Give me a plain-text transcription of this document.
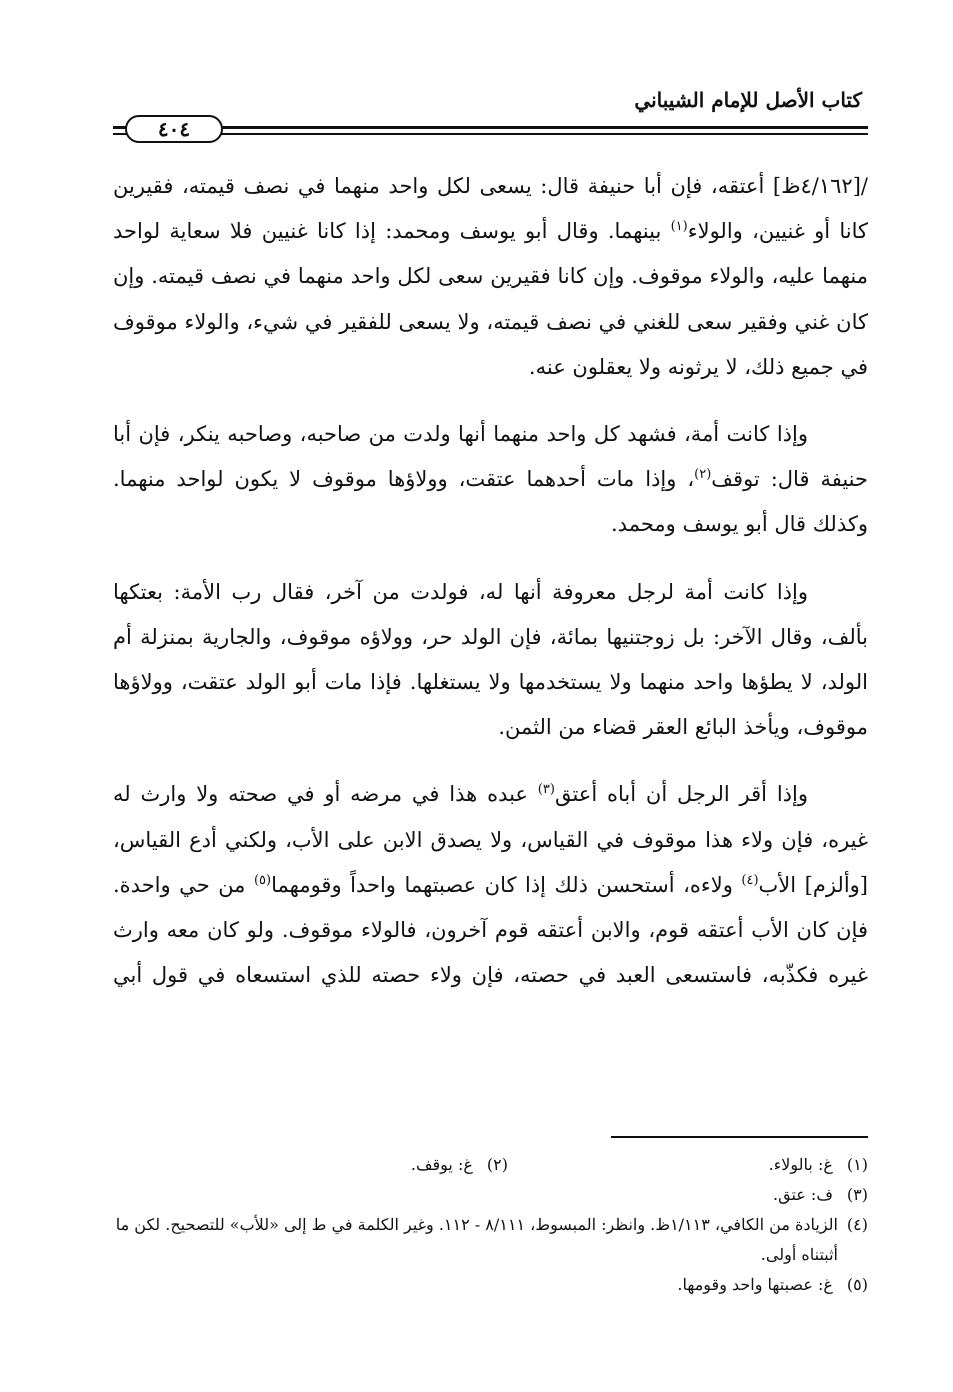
كتاب الأصل للإمام الشيباني
٤٠٤

/[٤/١٦٢ظ] أعتقه، فإن أبا حنيفة قال: يسعى لكل واحد منهما في نصف قيمته، فقيرين كانا أو غنيين، والولاء$^{(١)}$ بينهما. وقال أبو يوسف ومحمد: إذا كانا غنيين فلا سعاية لواحد منهما عليه، والولاء موقوف. وإن كانا فقيرين سعى لكل واحد منهما في نصف قيمته. وإن كان غني وفقير سعى للغني في نصف قيمته، ولا يسعى للفقير في شيء، والولاء موقوف في جميع ذلك، لا يرثونه ولا يعقلون عنه.

وإذا كانت أمة، فشهد كل واحد منهما أنها ولدت من صاحبه، وصاحبه ينكر، فإن أبا حنيفة قال: توقف$^{(٢)}$، وإذا مات أحدهما عتقت، وولاؤها موقوف لا يكون لواحد منهما. وكذلك قال أبو يوسف ومحمد.

وإذا كانت أمة لرجل معروفة أنها له، فولدت من آخر، فقال رب الأمة: بعتكها بألف، وقال الآخر: بل زوجتنيها بمائة، فإن الولد حر، وولاؤه موقوف، والجارية بمنزلة أم الولد، لا يطؤها واحد منهما ولا يستخدمها ولا يستغلها. فإذا مات أبو الولد عتقت، وولاؤها موقوف، ويأخذ البائع العقر قضاء من الثمن.

وإذا أقر الرجل أن أباه أعتق$^{(٣)}$ عبده هذا في مرضه أو في صحته ولا وارث له غيره، فإن ولاء هذا موقوف في القياس، ولا يصدق الابن على الأب، ولكني أدع القياس، [وألزم] الأب$^{(٤)}$ ولاءه، أستحسن ذلك إذا كان عصبتهما واحداً وقومهما$^{(٥)}$ من حي واحدة. فإن كان الأب أعتقه قوم، والابن أعتقه قوم آخرون، فالولاء موقوف. ولو كان معه وارث غيره فكذّبه، فاستسعى العبد في حصته، فإن ولاء حصته للذي استسعاه في قول أبي

(١) غ: بالولاء.
(٢) غ: يوقف.
(٣) ف: عتق.
(٤)
الزيادة من الكافي، ١/١١٣ظ. وانظر: المبسوط، ٨/١١١ - ١١٢. وغير الكلمة في ط إلى «للأب» للتصحيح. لكن ما أثبتناه أولى.
(٥) غ: عصبتها واحد وقومها.
